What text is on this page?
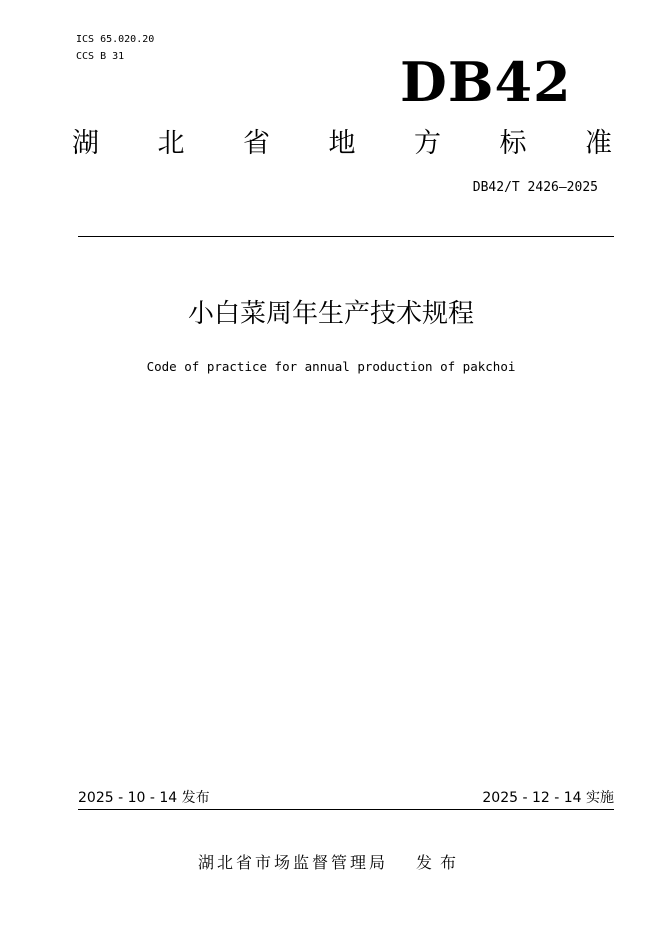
ICS 65.020.20
CCS B 31	DB42
湖 北 省 地 方 标 准
DB42/T 2426—2025
小白菜周年生产技术规程
Code of practice for annual production of pakchoi
2025 - 10 - 14 发布	2025 - 12 - 14 实施
湖北省市场监督管理局 发布
